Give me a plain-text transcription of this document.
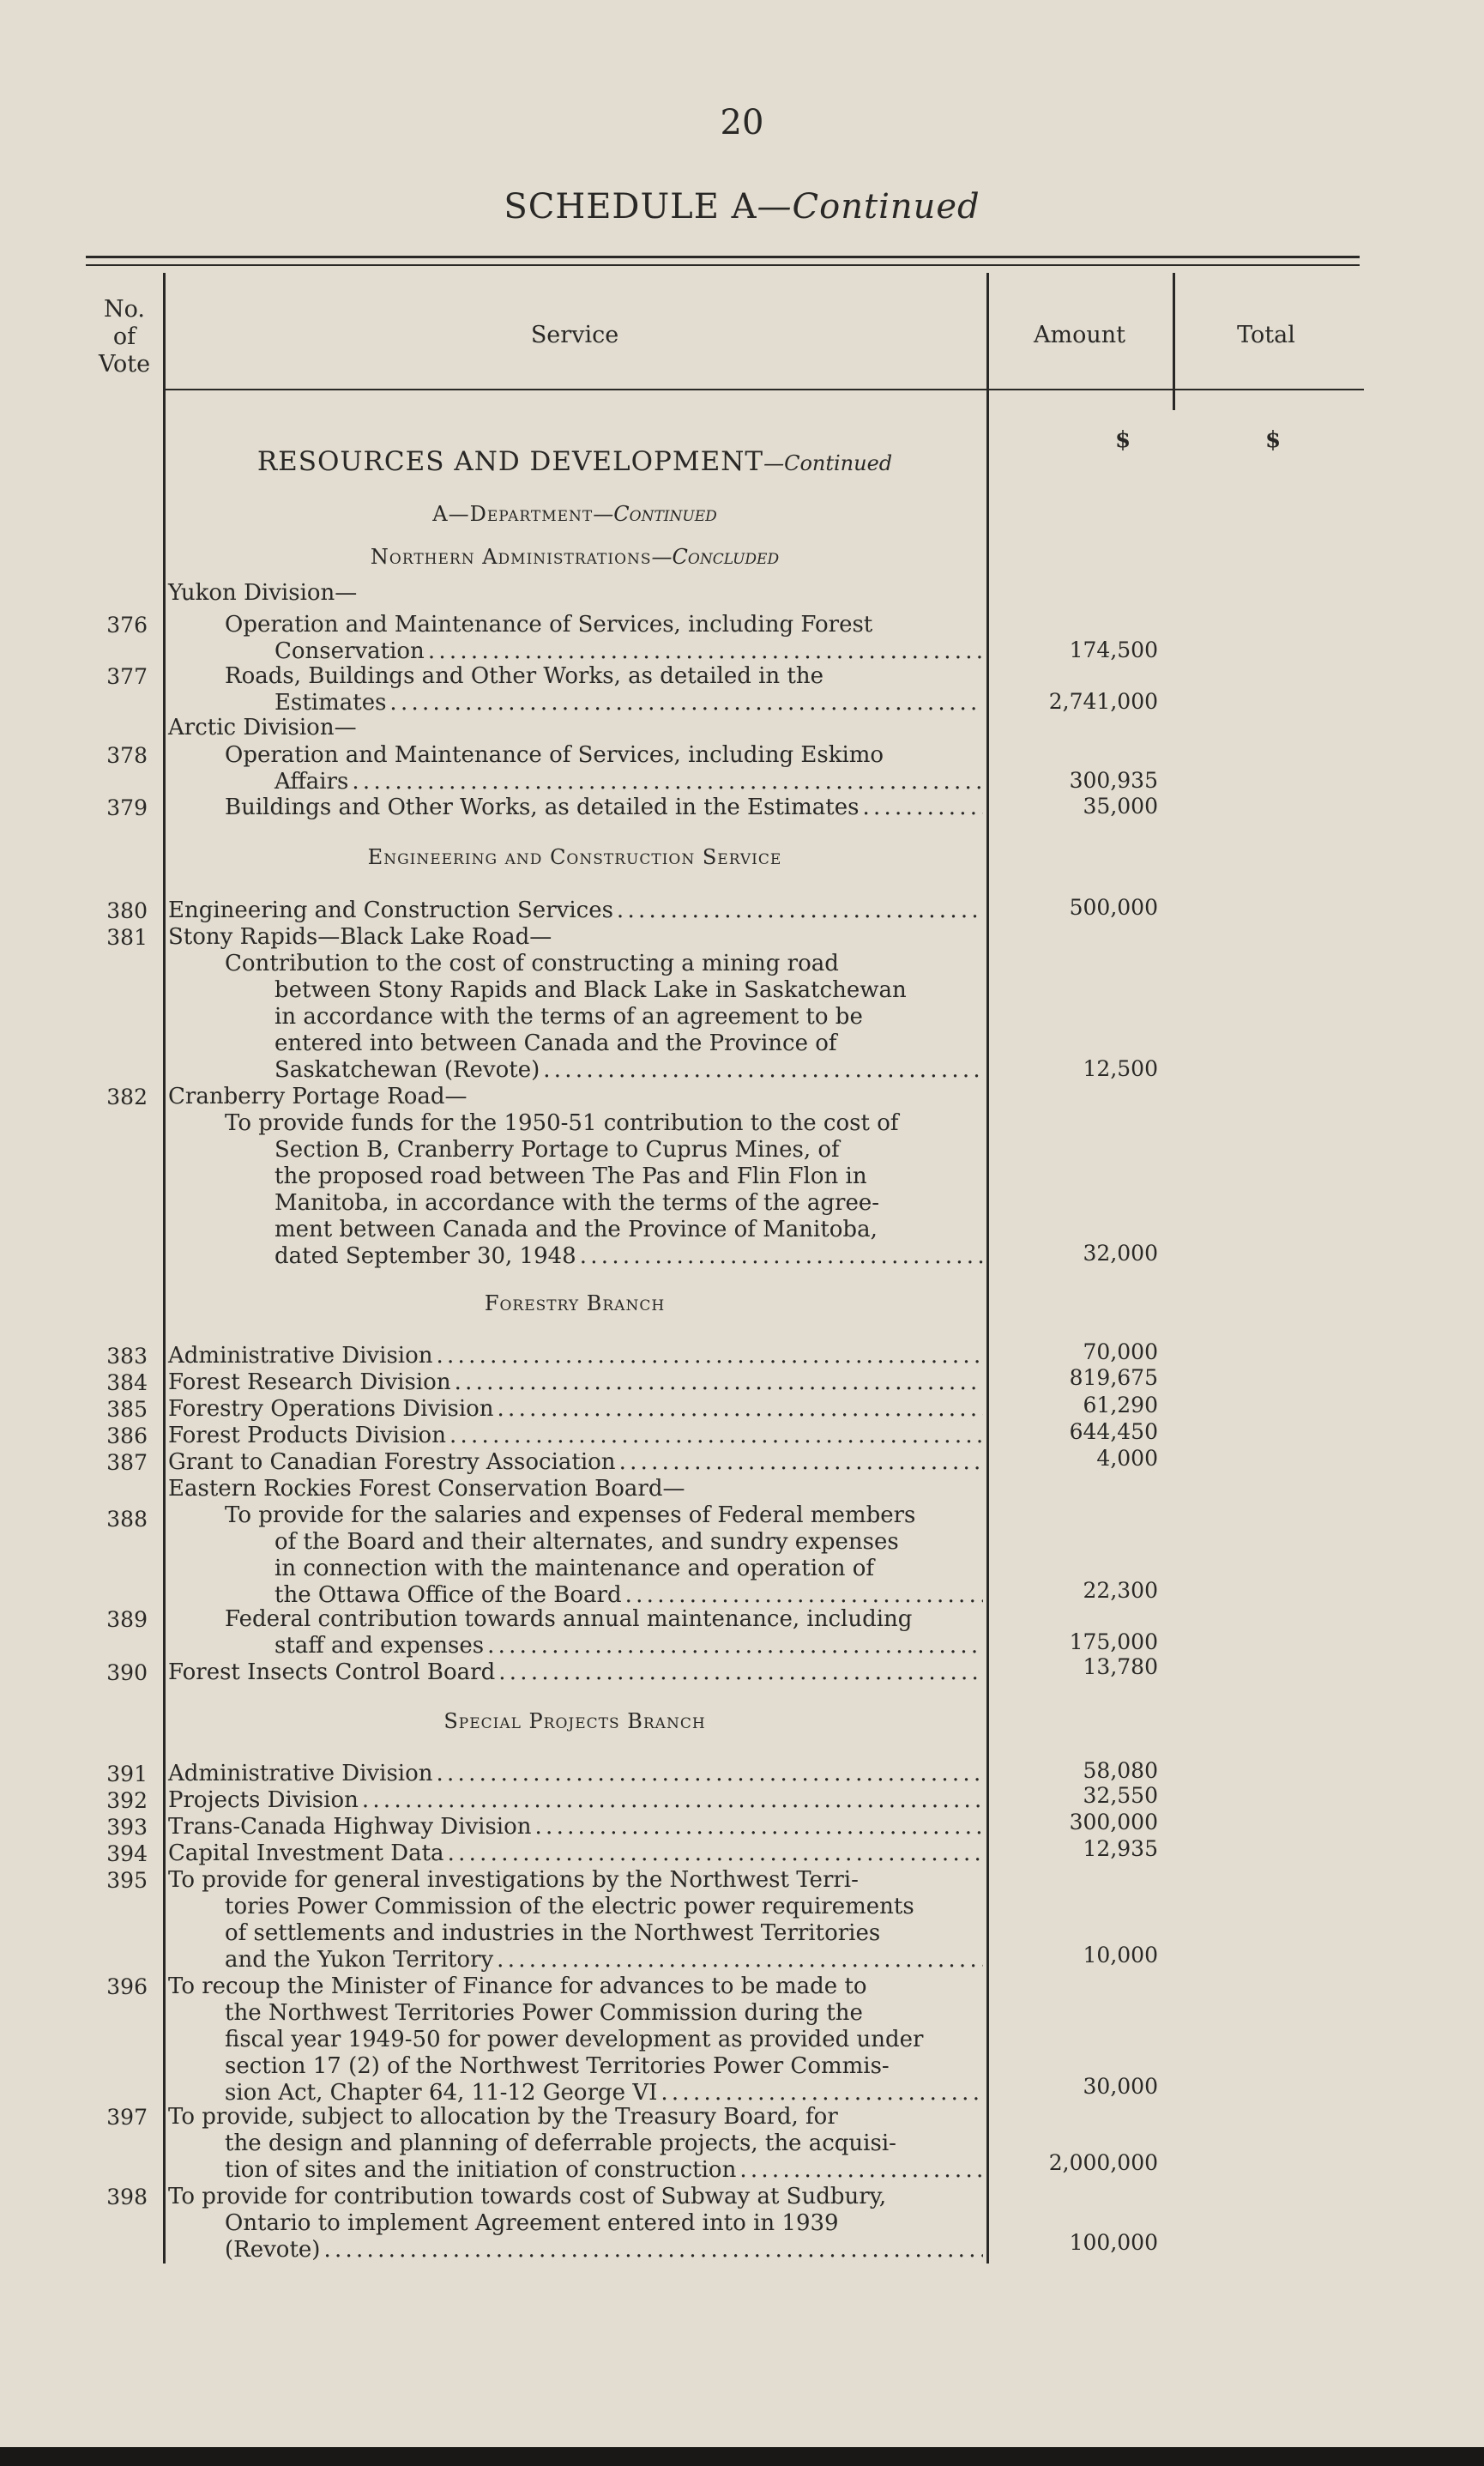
20
SCHEDULE A—Continued
No.
of
Vote
Service	Amount	Total
$	$
RESOURCES AND DEVELOPMENT—Continued
A—Department—Continued
Northern Administrations—Concluded
Yukon Division—
376	Operation and Maintenance of Services, including Forest
Conservation . . .	174,500
377	Roads, Buildings and Other Works, as detailed in the
Estimates . . .	2,741,000
Arctic Division—
378	Operation and Maintenance of Services, including Eskimo
Affairs . . .	300,935
379	Buildings and Other Works, as detailed in the Estimates . . .	35,000
Engineering and Construction Service
380 Engineering and Construction Services . . .	500,000
381 Stony Rapids—Black Lake Road—
Contribution to the cost of constructing a mining road
between Stony Rapids and Black Lake in Saskatchewan
in accordance with the terms of an agreement to be
entered into between Canada and the Province of
Saskatchewan (Revote) . . .	12,500
382 Cranberry Portage Road—
To provide funds for the 1950-51 contribution to the cost of
Section B, Cranberry Portage to Cuprus Mines, of
the proposed road between The Pas and Flin Flon in
Manitoba, in accordance with the terms of the agree-
ment between Canada and the Province of Manitoba,
dated September 30, 1948 . . .	32,000
Forestry Branch
383 Administrative Division . . .	70,000
384 Forest Research Division . . .	819,675
385 Forestry Operations Division . . .	61,290
386 Forest Products Division . . .	644,450
387 Grant to Canadian Forestry Association . . .	4,000
Eastern Rockies Forest Conservation Board—
388	To provide for the salaries and expenses of Federal members
of the Board and their alternates, and sundry expenses
in connection with the maintenance and operation of
the Ottawa Office of the Board . . .	22,300
389	Federal contribution towards annual maintenance, including
staff and expenses . . .	175,000
390 Forest Insects Control Board . . .	13,780
Special Projects Branch
391 Administrative Division . . .	58,080
392 Projects Division . . .	32,550
393 Trans-Canada Highway Division . . .	300,000
394 Capital Investment Data . . .	12,935
395 To provide for general investigations by the Northwest Terri-
tories Power Commission of the electric power requirements
of settlements and industries in the Northwest Territories
and the Yukon Territory . . .	10,000
396 To recoup the Minister of Finance for advances to be made to
the Northwest Territories Power Commission during the
fiscal year 1949-50 for power development as provided under
section 17 (2) of the Northwest Territories Power Commis-
sion Act, Chapter 64, 11-12 George VI . . .	30,000
397 To provide, subject to allocation by the Treasury Board, for
the design and planning of deferrable projects, the acquisi-
tion of sites and the initiation of construction . . .	2,000,000
398 To provide for contribution towards cost of Subway at Sudbury,
Ontario to implement Agreement entered into in 1939
(Revote) . . .	100,000
